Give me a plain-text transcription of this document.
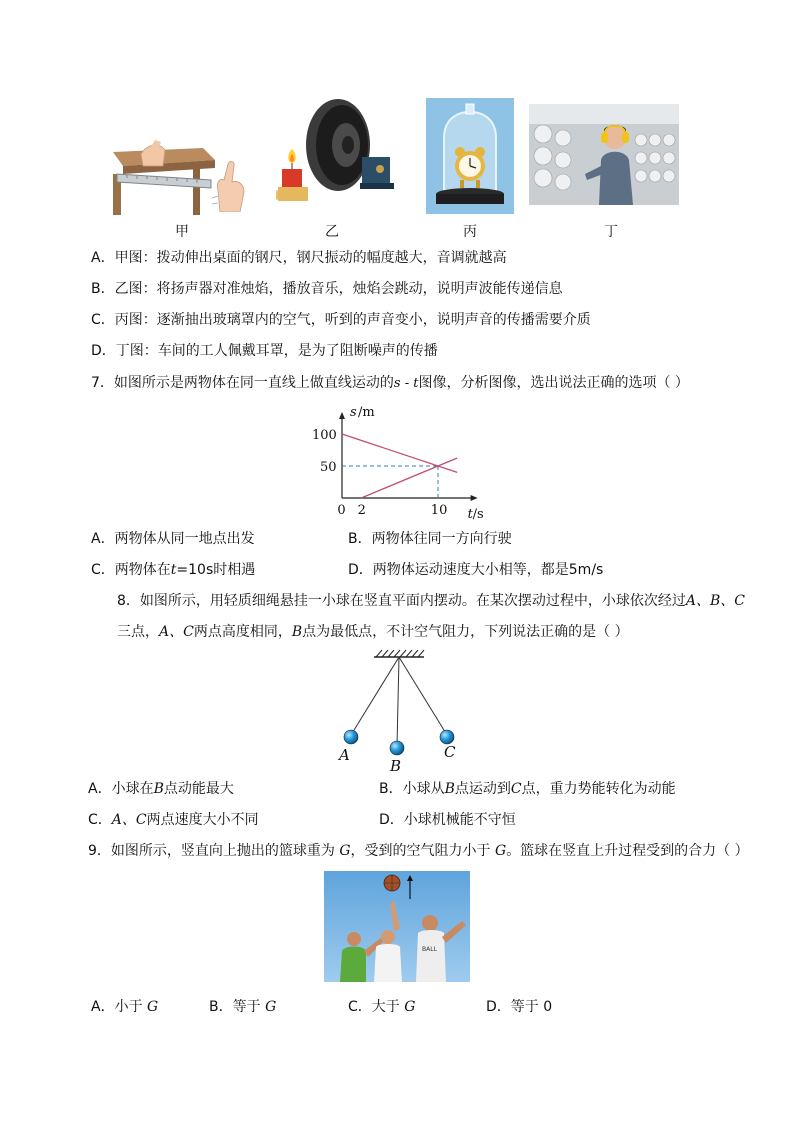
甲	乙	丙	丁
A．甲图：拨动伸出桌面的钢尺，钢尺振动的幅度越大，音调就越高
B．乙图：将扬声器对准烛焰，播放音乐，烛焰会跳动，说明声波能传递信息
C．丙图：逐渐抽出玻璃罩内的空气，听到的声音变小，说明声音的传播需要介质
D．丁图：车间的工人佩戴耳罩，是为了阻断噪声的传播
7．如图所示是两物体在同一直线上做直线运动的s - t图像，分析图像，选出说法正确的选项（ ）
0 2	10
100
50
s /m
t /s
A．两物体从同一地点出发	B．两物体往同一方向行驶
C．两物体在t=10s时相遇	D．两物体运动速度大小相等，都是5m/s
8．如图所示，用轻质细绳悬挂一小球在竖直平面内摆动。在某次摆动过程中，小球依次经过A、B、C
三点，A、C两点高度相同，B点为最低点，不计空气阻力，下列说法正确的是（ ）
A
B
C
A．小球在B点动能最大	B．小球从B点运动到C点，重力势能转化为动能
C．A、C两点速度大小不同	D．小球机械能不守恒
9．如图所示，竖直向上抛出的篮球重为 G，受到的空气阻力小于 G。篮球在竖直上升过程受到的合力（ ）
BALL
A．小于 G	B．等于 G	C．大于 G	D．等于 0
